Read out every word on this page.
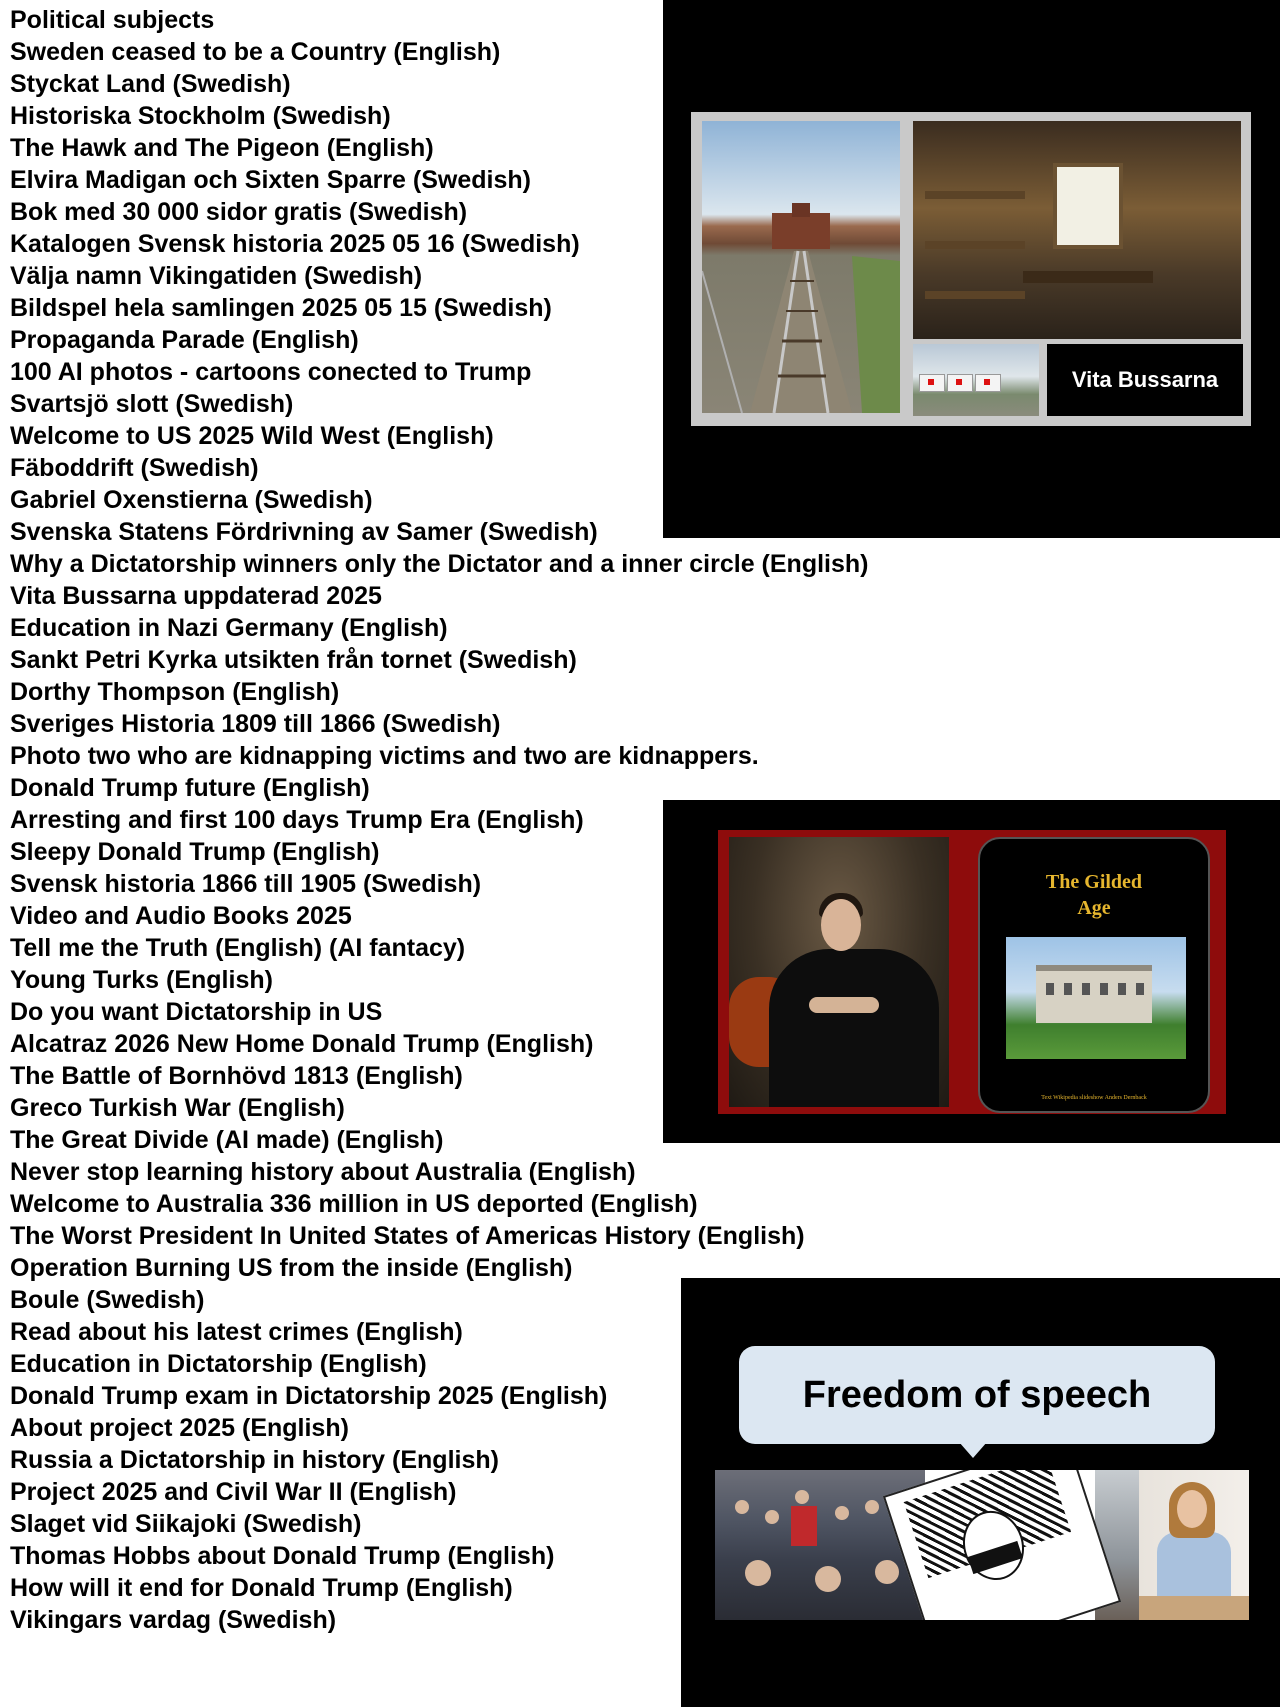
Political subjects
Sweden ceased to be a Country (English)
Styckat Land (Swedish)
Historiska Stockholm (Swedish)
The Hawk and The Pigeon (English)
Elvira Madigan och Sixten Sparre (Swedish)
Bok med 30 000 sidor gratis (Swedish)
Katalogen Svensk historia 2025 05 16 (Swedish)
Välja namn Vikingatiden (Swedish)
Bildspel hela samlingen 2025 05 15 (Swedish)
Propaganda Parade (English)
100 AI photos - cartoons conected to Trump
Svartsjö slott (Swedish)
Welcome to US 2025 Wild West (English)
Fäboddrift (Swedish)
Gabriel Oxenstierna (Swedish)
Svenska Statens Fördrivning av Samer (Swedish)
Why a Dictatorship winners only the Dictator and a inner circle (English)
Vita Bussarna uppdaterad 2025
Education in Nazi Germany (English)
Sankt Petri Kyrka utsikten från tornet (Swedish)
Dorthy Thompson (English)
Sveriges Historia 1809 till 1866 (Swedish)
Photo two who are kidnapping victims and two are kidnappers.
Donald Trump future (English)
Arresting and first 100 days Trump Era (English)
Sleepy Donald Trump (English)
Svensk historia 1866 till 1905 (Swedish)
Video and Audio Books 2025
Tell me the Truth (English) (AI fantacy)
Young Turks (English)
Do you want Dictatorship in US
Alcatraz 2026 New Home Donald Trump (English)
The Battle of Bornhövd 1813 (English)
Greco Turkish War (English)
The Great Divide (AI made) (English)
Never stop learning history about Australia (English)
Welcome to Australia 336 million in US deported (English)
The Worst President In United States of Americas History (English)
Operation Burning US from the inside (English)
Boule (Swedish)
Read about his latest crimes (English)
Education in Dictatorship (English)
Donald Trump exam in Dictatorship 2025 (English)
About project 2025 (English)
Russia a Dictatorship in history (English)
Project 2025 and Civil War II (English)
Slaget vid Siikajoki (Swedish)
Thomas Hobbs about Donald Trump (English)
How will it end for Donald Trump (English)
Vikingars vardag (Swedish)
Vita Bussarna
The Gilded
Age
Text Wikipedia slideshow Anders Dernback
Freedom of speech
